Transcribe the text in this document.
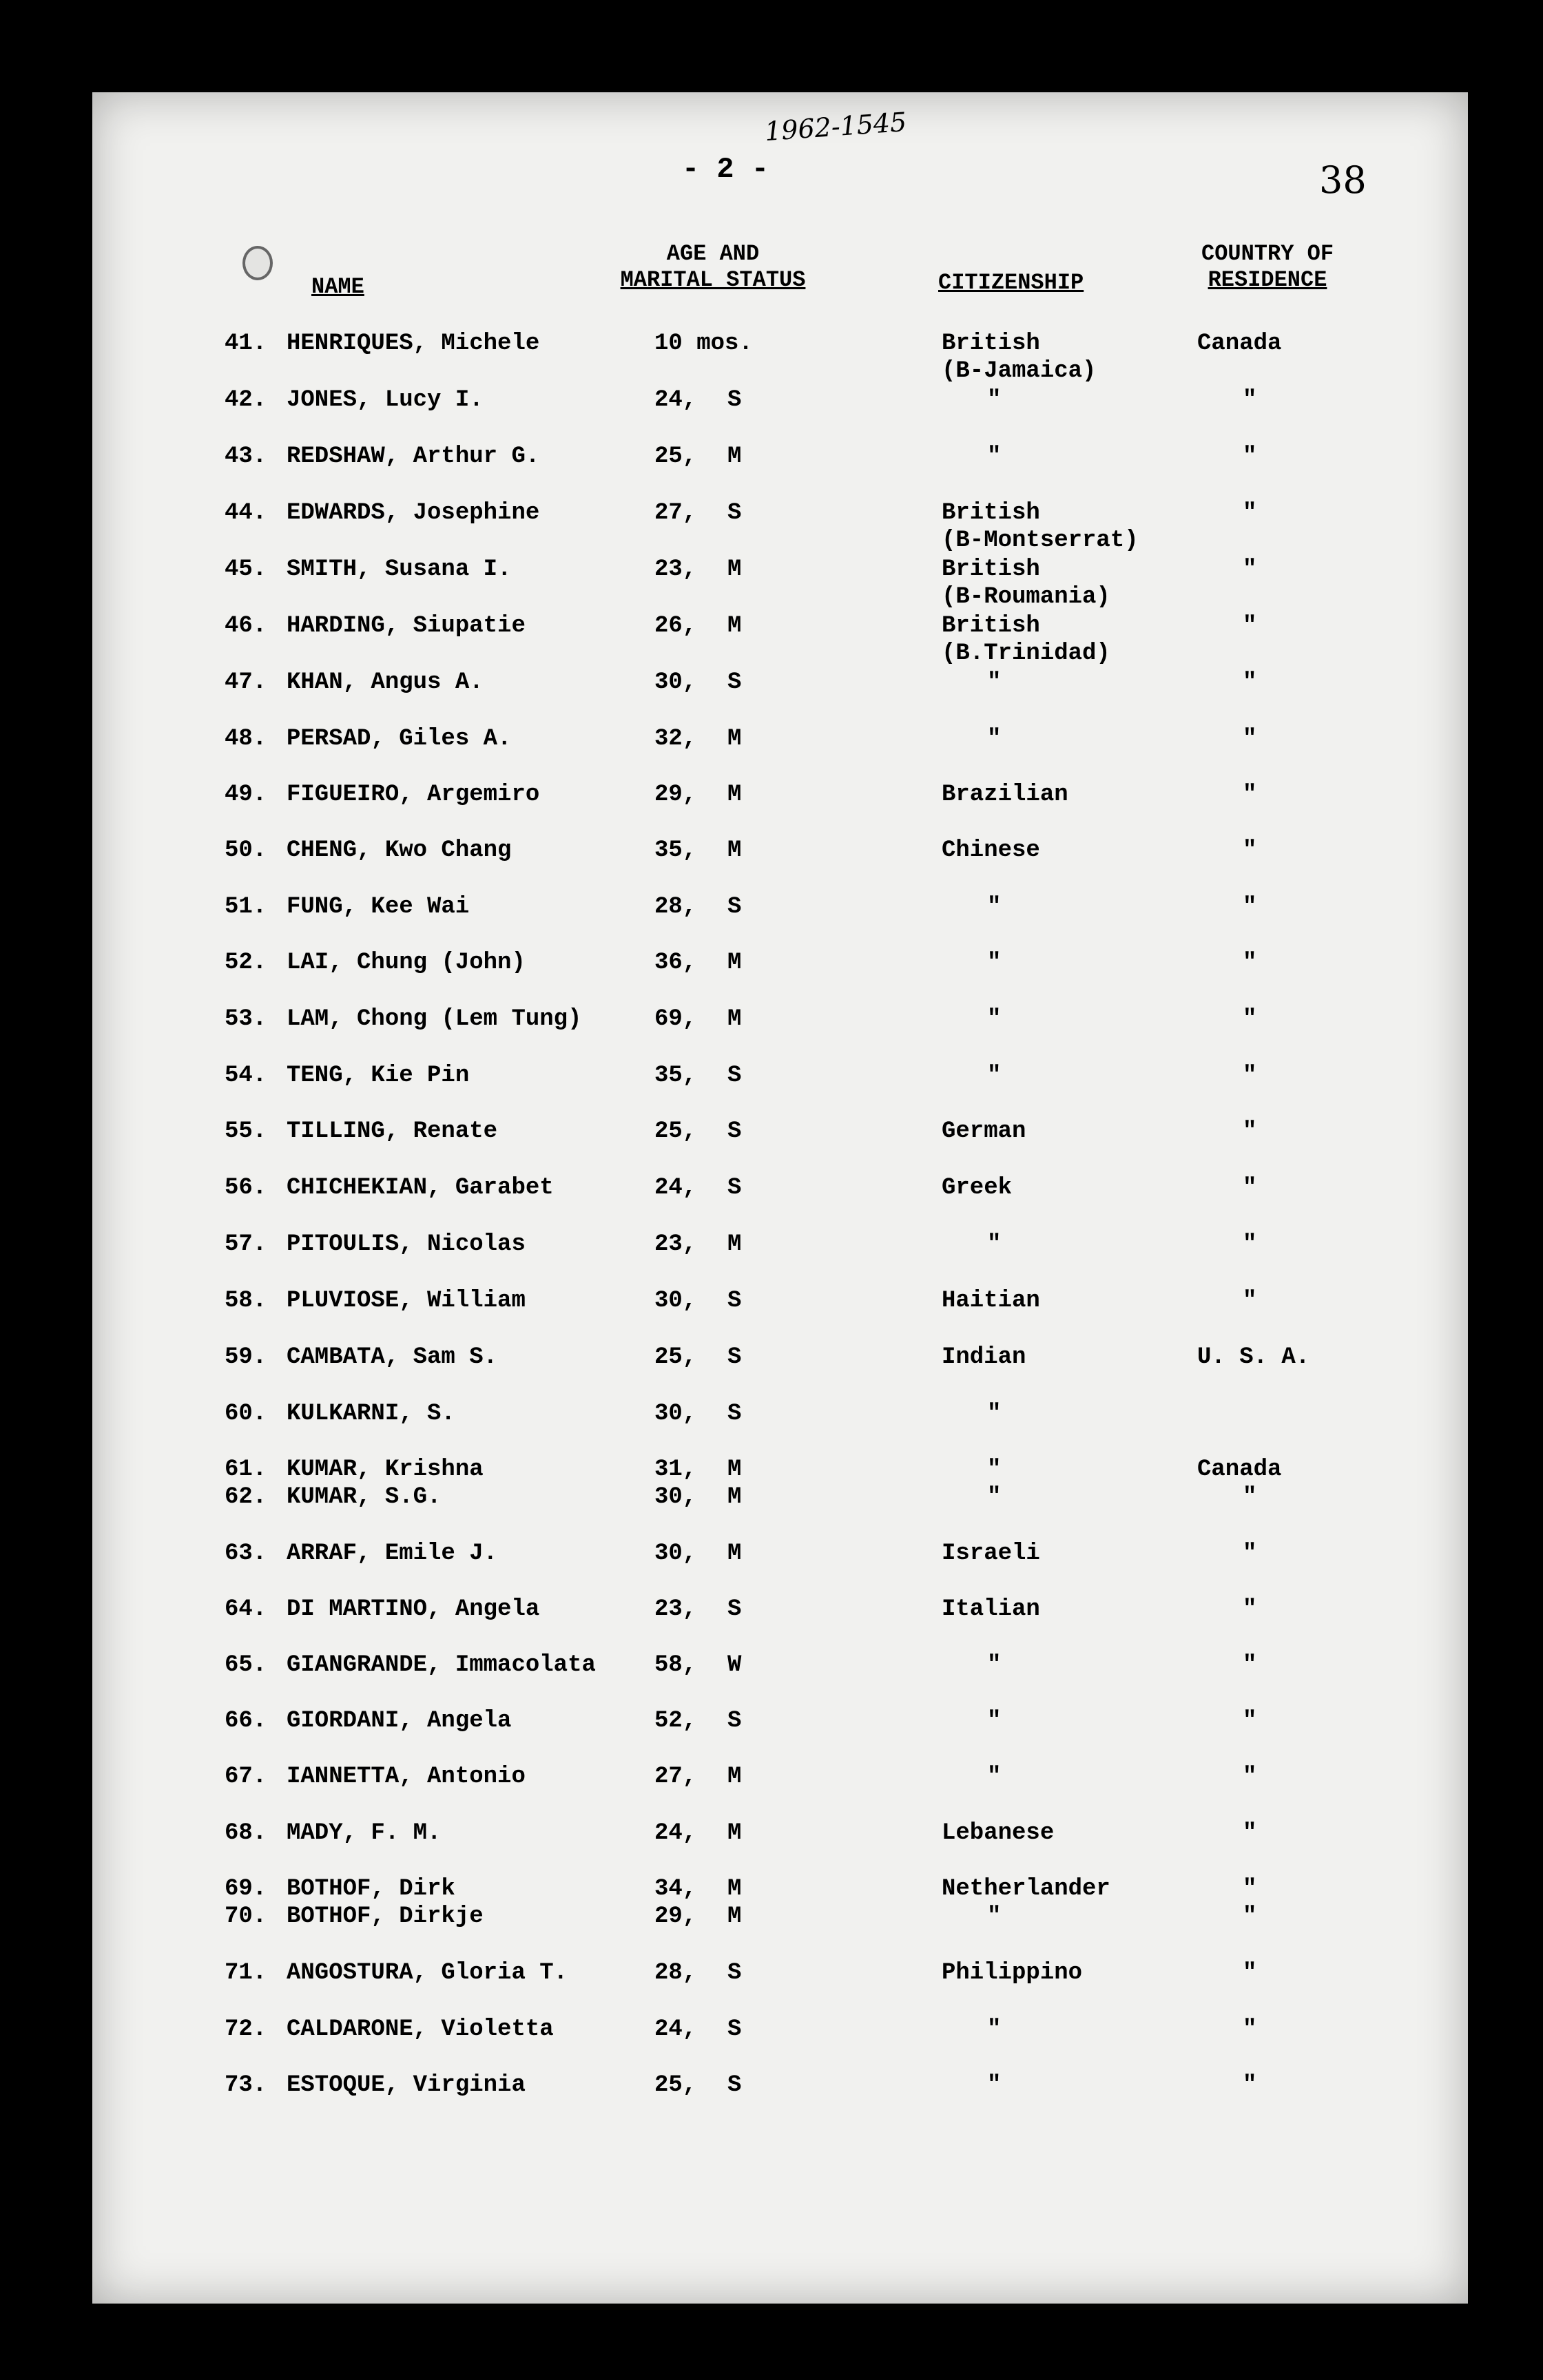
1962-1545
- 2 -	38
NAME
AGE AND
MARITAL STATUS	CITIZENSHIP
COUNTRY OF
RESIDENCE
41. HENRIQUES, Michele	10 mos.	British	Canada
(B-Jamaica)
42. JONES, Lucy I.	24, S	"	"
43. REDSHAW, Arthur G.	25, M	"	"
44. EDWARDS, Josephine	27, S	British	"
(B-Montserrat)
45. SMITH, Susana I.	23, M	British	"
(B-Roumania)
46. HARDING, Siupatie	26, M	British	"
(B.Trinidad)
47. KHAN, Angus A.	30, S	"	"
48. PERSAD, Giles A.	32, M	"	"
49. FIGUEIRO, Argemiro	29, M	Brazilian	"
50. CHENG, Kwo Chang	35, M	Chinese	"
51. FUNG, Kee Wai	28, S	"	"
52. LAI, Chung (John)	36, M	"	"
53. LAM, Chong (Lem Tung)	69, M	"	"
54. TENG, Kie Pin	35, S	"	"
55. TILLING, Renate	25, S	German	"
56. CHICHEKIAN, Garabet	24, S	Greek	"
57. PITOULIS, Nicolas	23, M	"	"
58. PLUVIOSE, William	30, S	Haitian	"
59. CAMBATA, Sam S.	25, S	Indian	U. S. A.
60. KULKARNI, S.	30, S	"
61. KUMAR, Krishna	31, M	"	Canada
62. KUMAR, S.G.	30, M	"	"
63. ARRAF, Emile J.	30, M	Israeli	"
64. DI MARTINO, Angela	23, S	Italian	"
65. GIANGRANDE, Immacolata	58, W	"	"
66. GIORDANI, Angela	52, S	"	"
67. IANNETTA, Antonio	27, M	"	"
68. MADY, F. M.	24, M	Lebanese	"
69. BOTHOF, Dirk	34, M	Netherlander	"
70. BOTHOF, Dirkje	29, M	"	"
71. ANGOSTURA, Gloria T.	28, S	Philippino	"
72. CALDARONE, Violetta	24, S	"	"
73. ESTOQUE, Virginia	25, S	"	"
